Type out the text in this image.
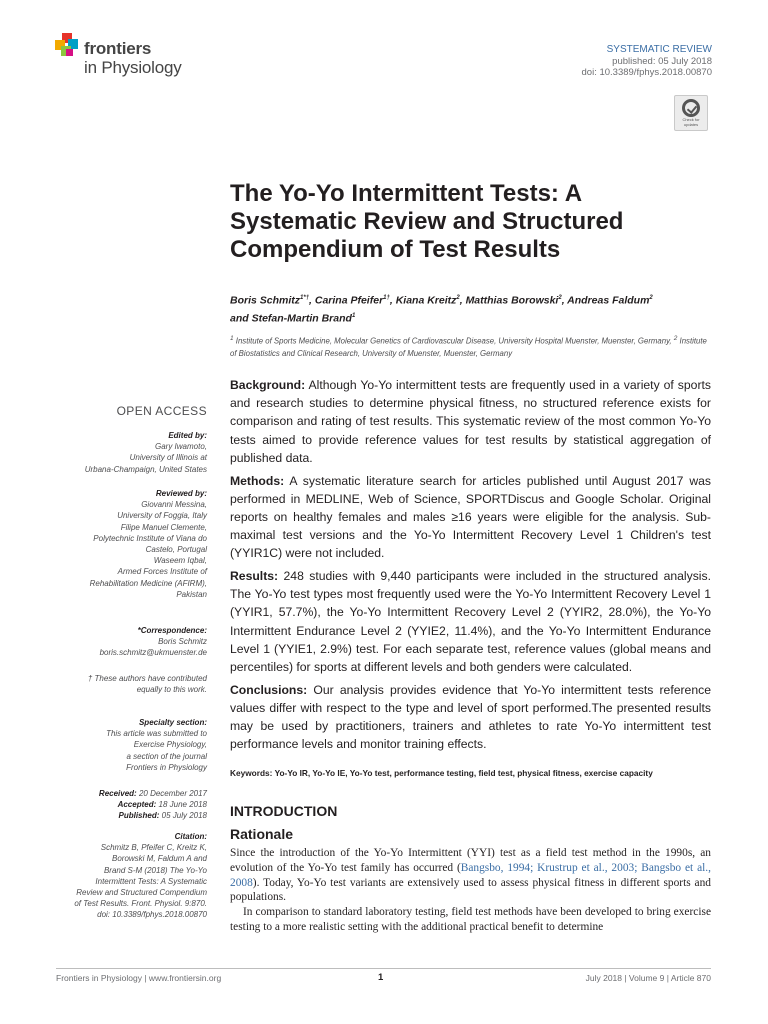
frontiers
in Physiology
SYSTEMATIC REVIEW
published: 05 July 2018
doi: 10.3389/fphys.2018.00870
Check for updates
The Yo-Yo Intermittent Tests: A Systematic Review and Structured Compendium of Test Results
Boris Schmitz$^{1*\dagger}$, Carina Pfeifer$^{1\dagger}$, Kiana Kreitz$^2$, Matthias Borowski$^2$, Andreas Faldum$^2$
and Stefan-Martin Brand$^1$
$^1$ Institute of Sports Medicine, Molecular Genetics of Cardiovascular Disease, University Hospital Muenster, Muenster, Germany, $^2$ Institute of Biostatistics and Clinical Research, University of Muenster, Muenster, Germany
OPEN ACCESS
Edited by:
Gary Iwamoto,
University of Illinois at
Urbana-Champaign, United States
Reviewed by:
Giovanni Messina,
University of Foggia, Italy
Filipe Manuel Clemente,
Polytechnic Institute of Viana do
Castelo, Portugal
Waseem Iqbal,
Armed Forces Institute of
Rehabilitation Medicine (AFIRM),
Pakistan
*Correspondence:
Boris Schmitz
boris.schmitz@ukmuenster.de
† These authors have contributed
equally to this work.
Specialty section:
This article was submitted to
Exercise Physiology,
a section of the journal
Frontiers in Physiology
Received: 20 December 2017
Accepted: 18 June 2018
Published: 05 July 2018
Citation:
Schmitz B, Pfeifer C, Kreitz K,
Borowski M, Faldum A and
Brand S-M (2018) The Yo-Yo
Intermittent Tests: A Systematic
Review and Structured Compendium
of Test Results. Front. Physiol. 9:870.
doi: 10.3389/fphys.2018.00870

Background: Although Yo-Yo intermittent tests are frequently used in a variety of sports and research studies to determine physical fitness, no structured reference exists for comparison and rating of test results. This systematic review of the most common Yo-Yo tests aimed to provide reference values for test results by statistical aggregation of published data.

Methods: A systematic literature search for articles published until August 2017 was performed in MEDLINE, Web of Science, SPORTDiscus and Google Scholar. Original reports on healthy females and males ≥16 years were eligible for the analysis. Sub-maximal test versions and the Yo-Yo Intermittent Recovery Level 1 Children's test (YYIR1C) were not included.

Results: 248 studies with 9,440 participants were included in the structured analysis. The Yo-Yo test types most frequently used were the Yo-Yo Intermittent Recovery Level 1 (YYIR1, 57.7%), the Yo-Yo Intermittent Recovery Level 2 (YYIR2, 28.0%), the Yo-Yo Intermittent Endurance Level 2 (YYIE2, 11.4%), and the Yo-Yo Intermittent Endurance Level 1 (YYIE1, 2.9%) test. For each separate test, reference values (global means and percentiles) for sports at different levels and both genders were calculated.

Conclusions: Our analysis provides evidence that Yo-Yo intermittent tests reference values differ with respect to the type and level of sport performed.The presented results may be used by practitioners, trainers and athletes to rate Yo-Yo intermittent test performance levels and monitor training effects.

Keywords: Yo-Yo IR, Yo-Yo IE, Yo-Yo test, performance testing, field test, physical fitness, exercise capacity
INTRODUCTION
Rationale

Since the introduction of the Yo-Yo Intermittent (YYI) test as a field test method in the 1990s, an evolution of the Yo-Yo test family has occurred (Bangsbo, 1994; Krustrup et al., 2003; Bangsbo et al., 2008). Today, Yo-Yo test variants are extensively used to assess physical fitness in different sports and populations.

In comparison to standard laboratory testing, field test methods have been developed to bring exercise testing to a more realistic setting with the additional practical benefit to determine

Frontiers in Physiology | www.frontiersin.org	1	July 2018 | Volume 9 | Article 870
